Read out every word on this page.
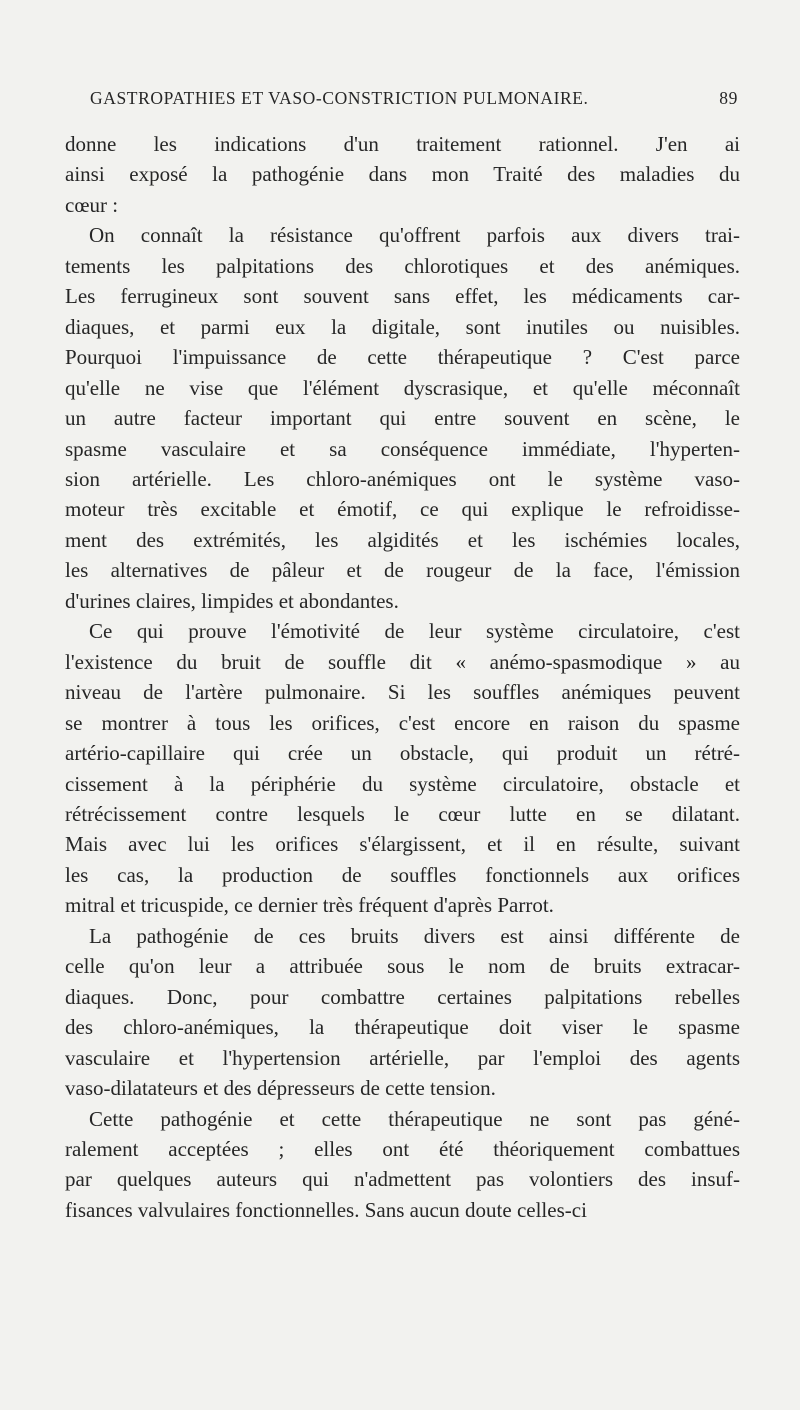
GASTROPATHIES ET VASO-CONSTRICTION PULMONAIRE.	89
donne les indications d'un traitement rationnel. J'en ai
ainsi exposé la pathogénie dans mon Traité des maladies du
cœur :
On connaît la résistance qu'offrent parfois aux divers trai-
tements les palpitations des chlorotiques et des anémiques.
Les ferrugineux sont souvent sans effet, les médicaments car-
diaques, et parmi eux la digitale, sont inutiles ou nuisibles.
Pourquoi l'impuissance de cette thérapeutique ? C'est parce
qu'elle ne vise que l'élément dyscrasique, et qu'elle méconnaît
un autre facteur important qui entre souvent en scène, le
spasme vasculaire et sa conséquence immédiate, l'hyperten-
sion artérielle. Les chloro-anémiques ont le système vaso-
moteur très excitable et émotif, ce qui explique le refroidisse-
ment des extrémités, les algidités et les ischémies locales,
les alternatives de pâleur et de rougeur de la face, l'émission
d'urines claires, limpides et abondantes.
Ce qui prouve l'émotivité de leur système circulatoire, c'est
l'existence du bruit de souffle dit « anémo-spasmodique » au
niveau de l'artère pulmonaire. Si les souffles anémiques peuvent
se montrer à tous les orifices, c'est encore en raison du spasme
artério-capillaire qui crée un obstacle, qui produit un rétré-
cissement à la périphérie du système circulatoire, obstacle et
rétrécissement contre lesquels le cœur lutte en se dilatant.
Mais avec lui les orifices s'élargissent, et il en résulte, suivant
les cas, la production de souffles fonctionnels aux orifices
mitral et tricuspide, ce dernier très fréquent d'après Parrot.
La pathogénie de ces bruits divers est ainsi différente de
celle qu'on leur a attribuée sous le nom de bruits extracar-
diaques. Donc, pour combattre certaines palpitations rebelles
des chloro-anémiques, la thérapeutique doit viser le spasme
vasculaire et l'hypertension artérielle, par l'emploi des agents
vaso-dilatateurs et des dépresseurs de cette tension.
Cette pathogénie et cette thérapeutique ne sont pas géné-
ralement acceptées ; elles ont été théoriquement combattues
par quelques auteurs qui n'admettent pas volontiers des insuf-
fisances valvulaires fonctionnelles. Sans aucun doute celles-ci
